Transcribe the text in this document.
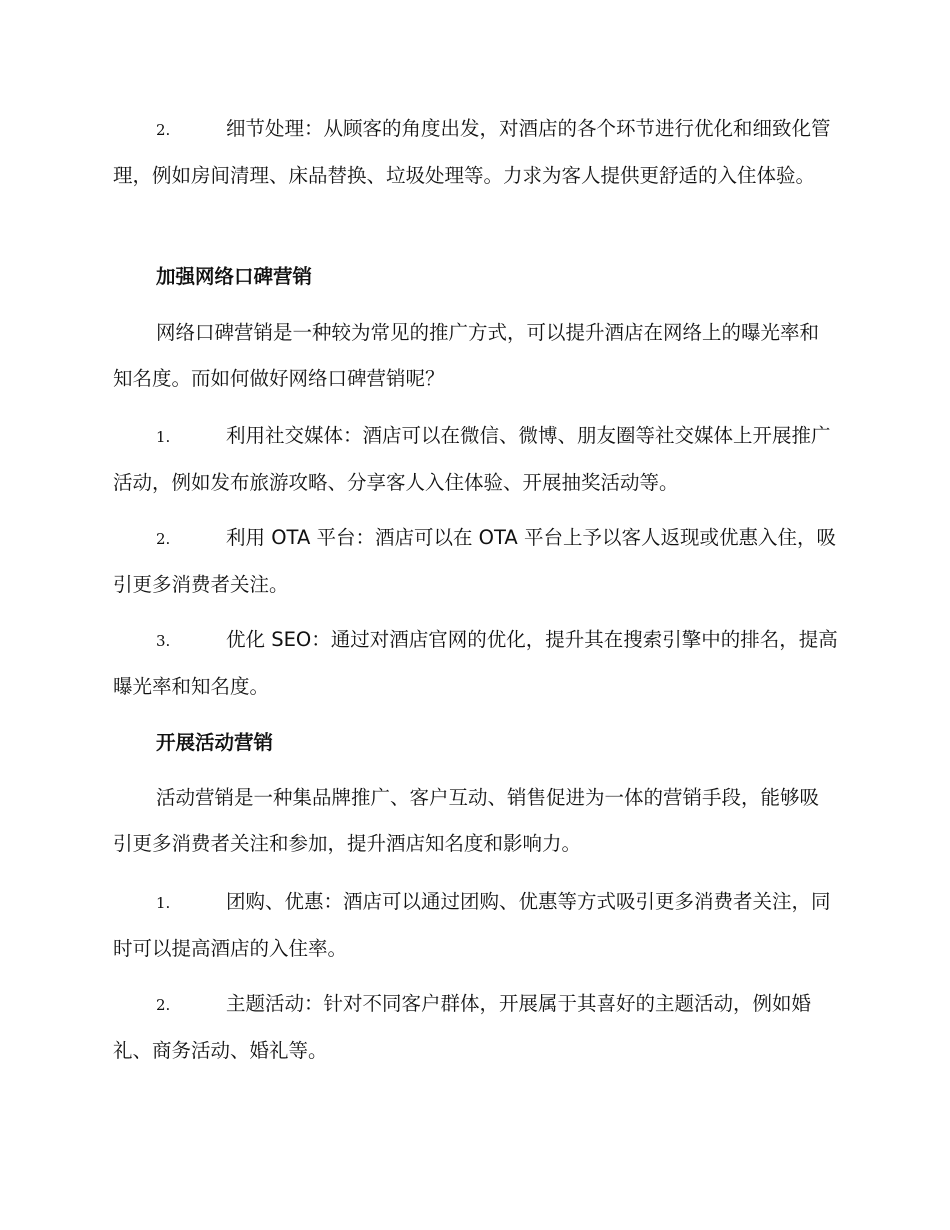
2.	细节处理：从顾客的角度出发，对酒店的各个环节进行优化和细致化管理，例如房间清理、床品替换、垃圾处理等。力求为客人提供更舒适的入住体验。
加强网络口碑营销
网络口碑营销是一种较为常见的推广方式，可以提升酒店在网络上的曝光率和知名度。而如何做好网络口碑营销呢？
1.	利用社交媒体：酒店可以在微信、微博、朋友圈等社交媒体上开展推广活动，例如发布旅游攻略、分享客人入住体验、开展抽奖活动等。
2.	利用 OTA 平台：酒店可以在 OTA 平台上予以客人返现或优惠入住，吸引更多消费者关注。
3.	优化 SEO：通过对酒店官网的优化，提升其在搜索引擎中的排名，提高曝光率和知名度。
开展活动营销
活动营销是一种集品牌推广、客户互动、销售促进为一体的营销手段，能够吸引更多消费者关注和参加，提升酒店知名度和影响力。
1.	团购、优惠：酒店可以通过团购、优惠等方式吸引更多消费者关注，同时可以提高酒店的入住率。
2.	主题活动：针对不同客户群体，开展属于其喜好的主题活动，例如婚礼、商务活动、婚礼等。
